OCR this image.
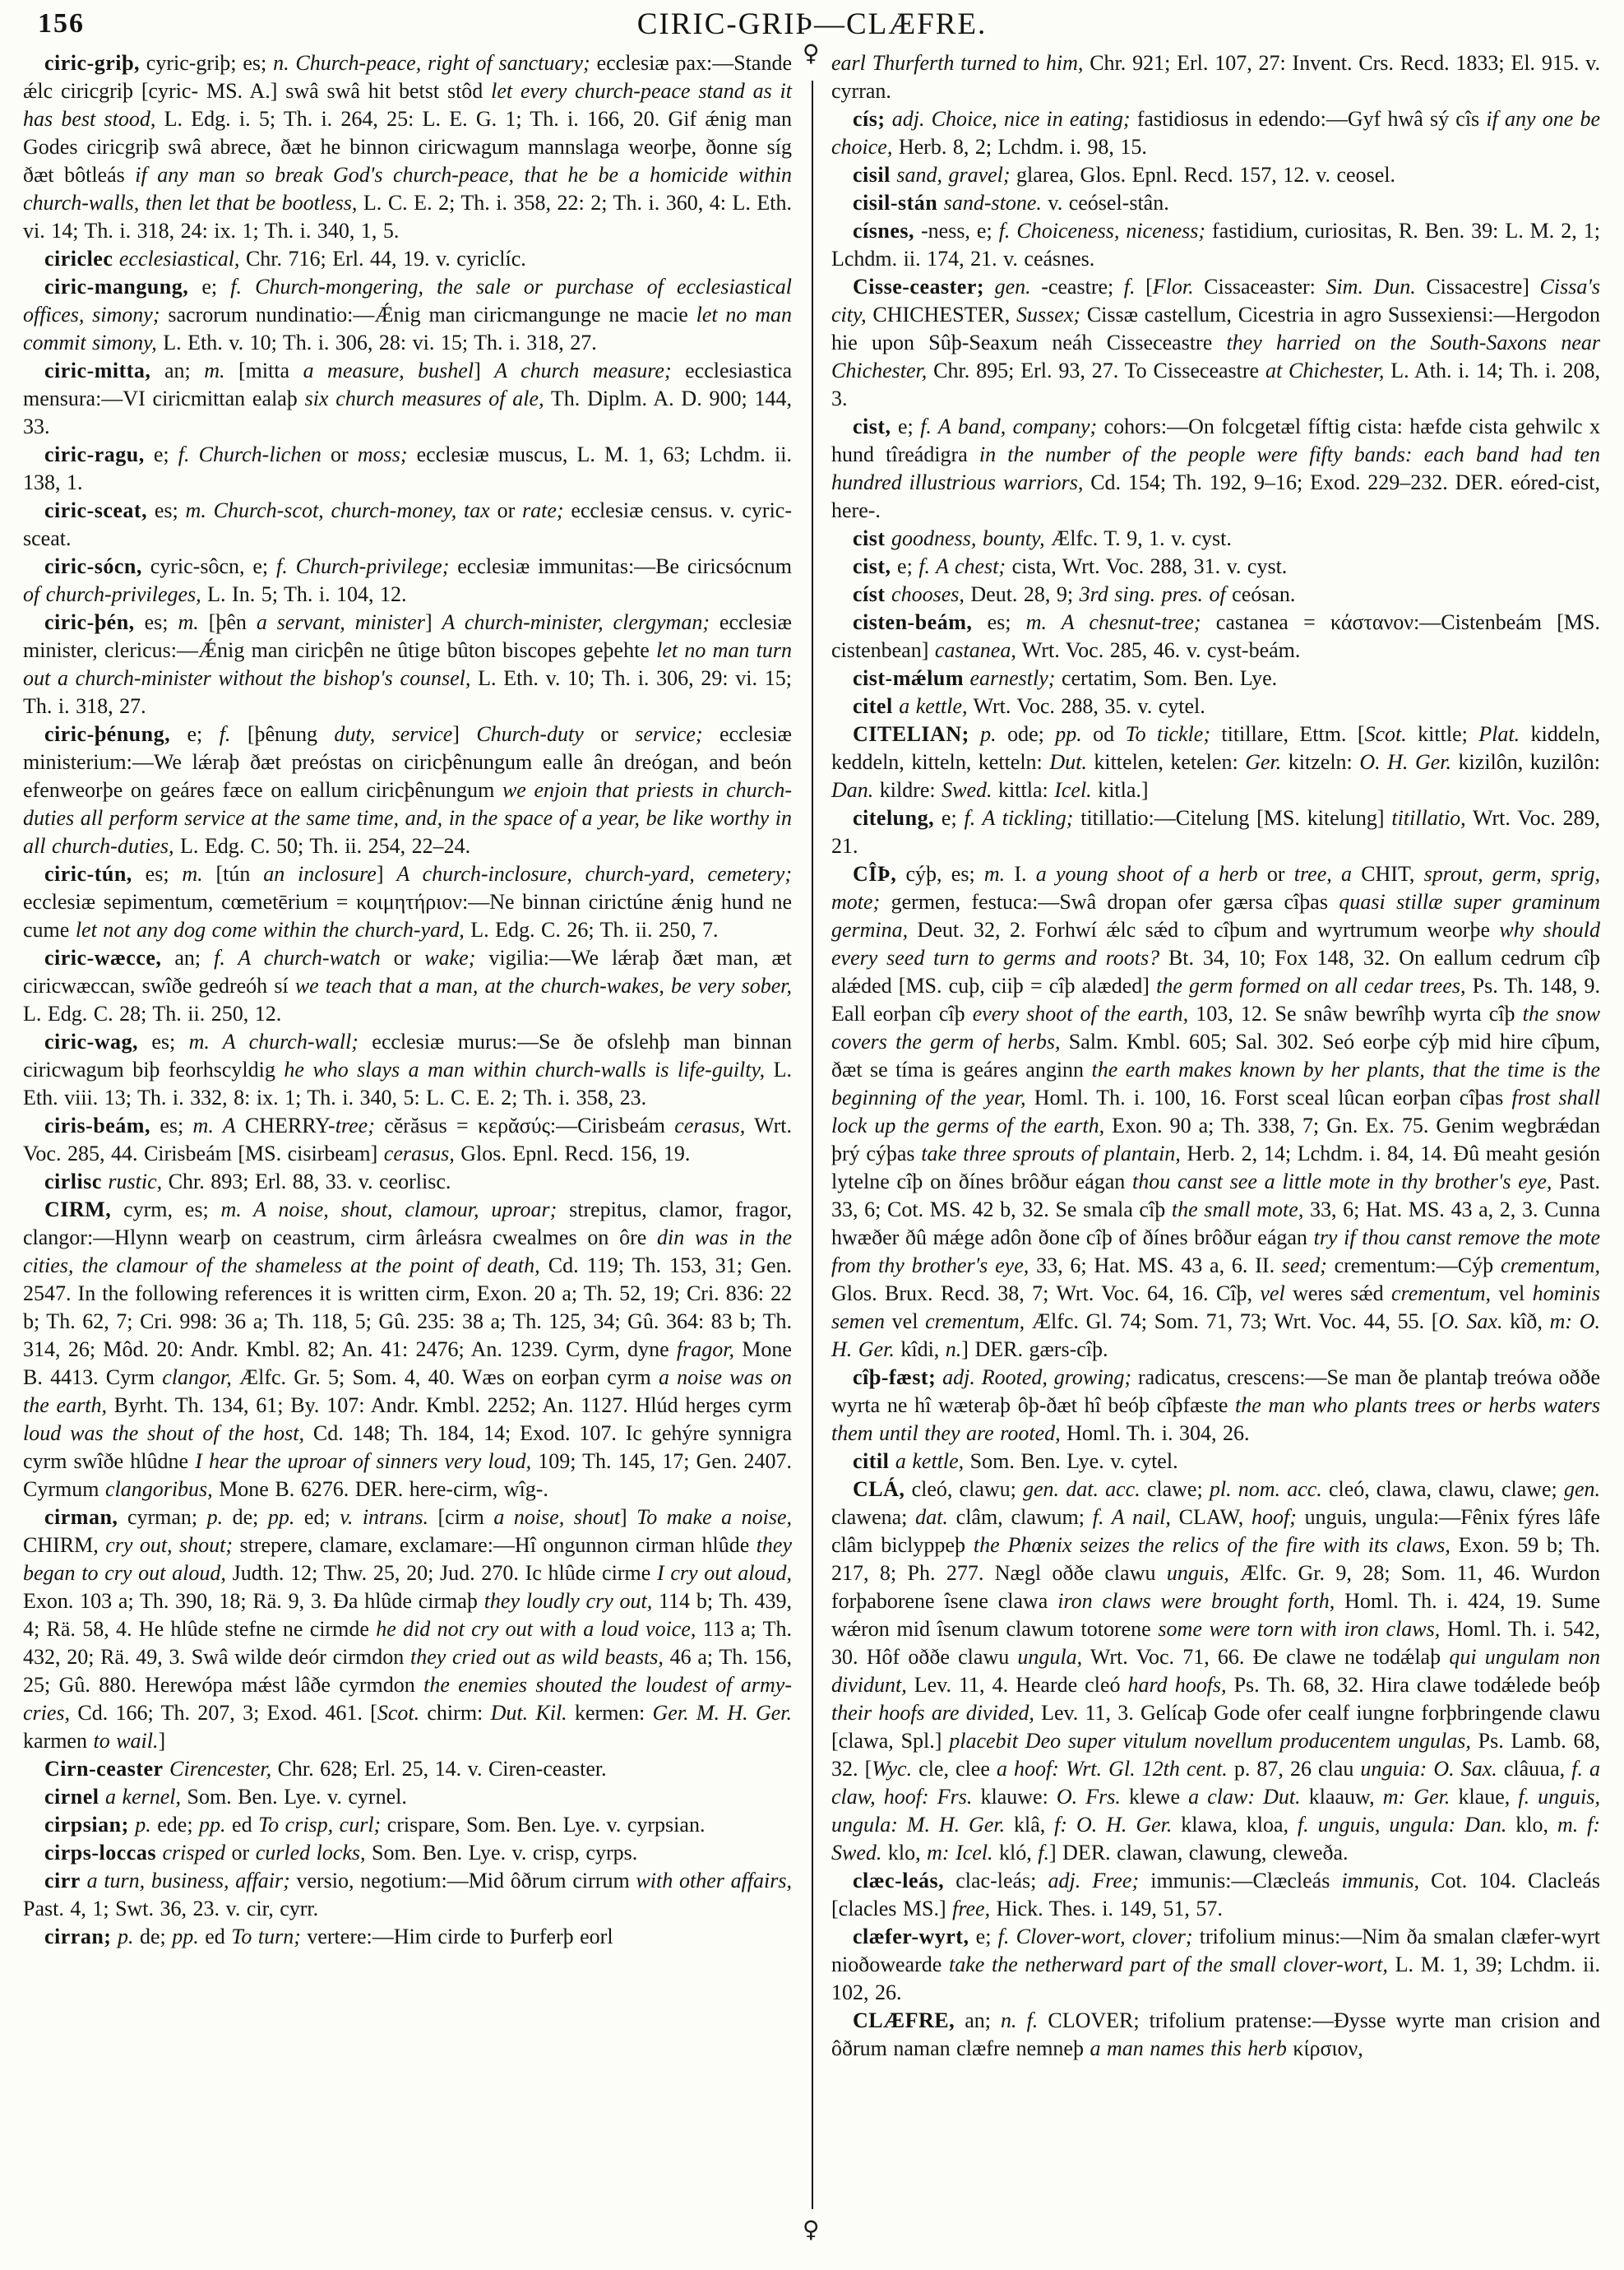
156	CIRIC-GRIÞ—CLÆFRE.
♀
♀

ciric-griþ, cyric-griþ; es; n. Church-peace, right of sanctuary; ecclesiæ pax:—Stande ǽlc ciricgriþ [cyric- MS. A.] swâ swâ hit betst stôd let every church-peace stand as it has best stood, L. Edg. i. 5; Th. i. 264, 25: L. E. G. 1; Th. i. 166, 20. Gif ǽnig man Godes ciricgriþ swâ abrece, ðæt he binnon ciricwagum mannslaga weorþe, ðonne síg ðæt bôtleás if any man so break God's church-peace, that he be a homicide within church-walls, then let that be bootless, L. C. E. 2; Th. i. 358, 22: 2; Th. i. 360, 4: L. Eth. vi. 14; Th. i. 318, 24: ix. 1; Th. i. 340, 1, 5.

ciriclec ecclesiastical, Chr. 716; Erl. 44, 19. v. cyriclíc.

ciric-mangung, e; f. Church-mongering, the sale or purchase of ecclesiastical offices, simony; sacrorum nundinatio:—Ǽnig man ciricmangunge ne macie let no man commit simony, L. Eth. v. 10; Th. i. 306, 28: vi. 15; Th. i. 318, 27.

ciric-mitta, an; m. [mitta a measure, bushel] A church measure; ecclesiastica mensura:—VI ciricmittan ealaþ six church measures of ale, Th. Diplm. A. D. 900; 144, 33.

ciric-ragu, e; f. Church-lichen or moss; ecclesiæ muscus, L. M. 1, 63; Lchdm. ii. 138, 1.

ciric-sceat, es; m. Church-scot, church-money, tax or rate; ecclesiæ census. v. cyric-sceat.

ciric-sócn, cyric-sôcn, e; f. Church-privilege; ecclesiæ immunitas:—Be ciricsócnum of church-privileges, L. In. 5; Th. i. 104, 12.

ciric-þén, es; m. [þên a servant, minister] A church-minister, clergyman; ecclesiæ minister, clericus:—Ǽnig man ciricþên ne ûtige bûton biscopes geþehte let no man turn out a church-minister without the bishop's counsel, L. Eth. v. 10; Th. i. 306, 29: vi. 15; Th. i. 318, 27.

ciric-þénung, e; f. [þênung duty, service] Church-duty or service; ecclesiæ ministerium:—We lǽraþ ðæt preóstas on ciricþênungum ealle ân dreógan, and beón efenweorþe on geáres fæce on eallum ciricþênungum we enjoin that priests in church-duties all perform service at the same time, and, in the space of a year, be like worthy in all church-duties, L. Edg. C. 50; Th. ii. 254, 22–24.

ciric-tún, es; m. [tún an inclosure] A church-inclosure, church-yard, cemetery; ecclesiæ sepimentum, cœmetērium = κοιμητήριον:—Ne binnan cirictúne ǽnig hund ne cume let not any dog come within the church-yard, L. Edg. C. 26; Th. ii. 250, 7.

ciric-wæcce, an; f. A church-watch or wake; vigilia:—We lǽraþ ðæt man, æt ciricwæccan, swîðe gedreóh sí we teach that a man, at the church-wakes, be very sober, L. Edg. C. 28; Th. ii. 250, 12.

ciric-wag, es; m. A church-wall; ecclesiæ murus:—Se ðe ofslehþ man binnan ciricwagum biþ feorhscyldig he who slays a man within church-walls is life-guilty, L. Eth. viii. 13; Th. i. 332, 8: ix. 1; Th. i. 340, 5: L. C. E. 2; Th. i. 358, 23.

ciris-beám, es; m. A CHERRY-tree; cĕrăsus = κερᾰσύς:—Cirisbeám cerasus, Wrt. Voc. 285, 44. Cirisbeám [MS. cisirbeam] cerasus, Glos. Epnl. Recd. 156, 19.

cirlisc rustic, Chr. 893; Erl. 88, 33. v. ceorlisc.

CIRM, cyrm, es; m. A noise, shout, clamour, uproar; strepitus, clamor, fragor, clangor:—Hlynn wearþ on ceastrum, cirm ârleásra cwealmes on ôre din was in the cities, the clamour of the shameless at the point of death, Cd. 119; Th. 153, 31; Gen. 2547. In the following references it is written cirm, Exon. 20 a; Th. 52, 19; Cri. 836: 22 b; Th. 62, 7; Cri. 998: 36 a; Th. 118, 5; Gû. 235: 38 a; Th. 125, 34; Gû. 364: 83 b; Th. 314, 26; Môd. 20: Andr. Kmbl. 82; An. 41: 2476; An. 1239. Cyrm, dyne fragor, Mone B. 4413. Cyrm clangor, Ælfc. Gr. 5; Som. 4, 40. Wæs on eorþan cyrm a noise was on the earth, Byrht. Th. 134, 61; By. 107: Andr. Kmbl. 2252; An. 1127. Hlúd herges cyrm loud was the shout of the host, Cd. 148; Th. 184, 14; Exod. 107. Ic gehýre synnigra cyrm swîðe hlûdne I hear the uproar of sinners very loud, 109; Th. 145, 17; Gen. 2407. Cyrmum clangoribus, Mone B. 6276. DER. here-cirm, wîg-.

cirman, cyrman; p. de; pp. ed; v. intrans. [cirm a noise, shout] To make a noise, CHIRM, cry out, shout; strepere, clamare, exclamare:—Hî ongunnon cirman hlûde they began to cry out aloud, Judth. 12; Thw. 25, 20; Jud. 270. Ic hlûde cirme I cry out aloud, Exon. 103 a; Th. 390, 18; Rä. 9, 3. Ða hlûde cirmaþ they loudly cry out, 114 b; Th. 439, 4; Rä. 58, 4. He hlûde stefne ne cirmde he did not cry out with a loud voice, 113 a; Th. 432, 20; Rä. 49, 3. Swâ wilde deór cirmdon they cried out as wild beasts, 46 a; Th. 156, 25; Gû. 880. Herewópa mǽst lâðe cyrmdon the enemies shouted the loudest of army-cries, Cd. 166; Th. 207, 3; Exod. 461. [Scot. chirm: Dut. Kil. kermen: Ger. M. H. Ger. karmen to wail.]

Cirn-ceaster Cirencester, Chr. 628; Erl. 25, 14. v. Ciren-ceaster.

cirnel a kernel, Som. Ben. Lye. v. cyrnel.

cirpsian; p. ede; pp. ed To crisp, curl; crispare, Som. Ben. Lye. v. cyrpsian.

cirps-loccas crisped or curled locks, Som. Ben. Lye. v. crisp, cyrps.

cirr a turn, business, affair; versio, negotium:—Mid ôðrum cirrum with other affairs, Past. 4, 1; Swt. 36, 23. v. cir, cyrr.

cirran; p. de; pp. ed To turn; vertere:—Him cirde to Þurferþ eorl

earl Thurferth turned to him, Chr. 921; Erl. 107, 27: Invent. Crs. Recd. 1833; El. 915. v. cyrran.

cís; adj. Choice, nice in eating; fastidiosus in edendo:—Gyf hwâ sý cîs if any one be choice, Herb. 8, 2; Lchdm. i. 98, 15.

cisil sand, gravel; glarea, Glos. Epnl. Recd. 157, 12. v. ceosel.

cisil-stán sand-stone. v. ceósel-stân.

císnes, -ness, e; f. Choiceness, niceness; fastidium, curiositas, R. Ben. 39: L. M. 2, 1; Lchdm. ii. 174, 21. v. ceásnes.

Cisse-ceaster; gen. -ceastre; f. [Flor. Cissaceaster: Sim. Dun. Cissacestre] Cissa's city, CHICHESTER, Sussex; Cissæ castellum, Cicestria in agro Sussexiensi:—Hergodon hie upon Sûþ-Seaxum neáh Cisseceastre they harried on the South-Saxons near Chichester, Chr. 895; Erl. 93, 27. To Cisseceastre at Chichester, L. Ath. i. 14; Th. i. 208, 3.

cist, e; f. A band, company; cohors:—On folcgetæl fíftig cista: hæfde cista gehwilc x hund tîreádigra in the number of the people were fifty bands: each band had ten hundred illustrious warriors, Cd. 154; Th. 192, 9–16; Exod. 229–232. DER. eóred-cist, here-.

cist goodness, bounty, Ælfc. T. 9, 1. v. cyst.

cist, e; f. A chest; cista, Wrt. Voc. 288, 31. v. cyst.

císt chooses, Deut. 28, 9; 3rd sing. pres. of ceósan.

cisten-beám, es; m. A chesnut-tree; castanea = κάστανον:—Cistenbeám [MS. cistenbean] castanea, Wrt. Voc. 285, 46. v. cyst-beám.

cist-mǽlum earnestly; certatim, Som. Ben. Lye.

citel a kettle, Wrt. Voc. 288, 35. v. cytel.

CITELIAN; p. ode; pp. od To tickle; titillare, Ettm. [Scot. kittle; Plat. kiddeln, keddeln, kitteln, ketteln: Dut. kittelen, ketelen: Ger. kitzeln: O. H. Ger. kizilôn, kuzilôn: Dan. kildre: Swed. kittla: Icel. kitla.]

citelung, e; f. A tickling; titillatio:—Citelung [MS. kitelung] titillatio, Wrt. Voc. 289, 21.

CÎÞ, cýþ, es; m. I. a young shoot of a herb or tree, a CHIT, sprout, germ, sprig, mote; germen, festuca:—Swâ dropan ofer gærsa cîþas quasi stillæ super graminum germina, Deut. 32, 2. Forhwí ǽlc sǽd to cîþum and wyrtrumum weorþe why should every seed turn to germs and roots? Bt. 34, 10; Fox 148, 32. On eallum cedrum cîþ alǽded [MS. cuþ, ciiþ = cîþ alæded] the germ formed on all cedar trees, Ps. Th. 148, 9. Eall eorþan cîþ every shoot of the earth, 103, 12. Se snâw bewrîhþ wyrta cîþ the snow covers the germ of herbs, Salm. Kmbl. 605; Sal. 302. Seó eorþe cýþ mid hire cîþum, ðæt se tíma is geáres anginn the earth makes known by her plants, that the time is the beginning of the year, Homl. Th. i. 100, 16. Forst sceal lûcan eorþan cîþas frost shall lock up the germs of the earth, Exon. 90 a; Th. 338, 7; Gn. Ex. 75. Genim wegbrǽdan þrý cýþas take three sprouts of plantain, Herb. 2, 14; Lchdm. i. 84, 14. Ðû meaht gesión lytelne cîþ on ðínes brôður eágan thou canst see a little mote in thy brother's eye, Past. 33, 6; Cot. MS. 42 b, 32. Se smala cîþ the small mote, 33, 6; Hat. MS. 43 a, 2, 3. Cunna hwæðer ðû mǽge adôn ðone cîþ of ðínes brôður eágan try if thou canst remove the mote from thy brother's eye, 33, 6; Hat. MS. 43 a, 6. II. seed; crementum:—Cýþ crementum, Glos. Brux. Recd. 38, 7; Wrt. Voc. 64, 16. Cîþ, vel weres sǽd crementum, vel hominis semen vel crementum, Ælfc. Gl. 74; Som. 71, 73; Wrt. Voc. 44, 55. [O. Sax. kîð, m: O. H. Ger. kîdi, n.] DER. gærs-cîþ.

cîþ-fæst; adj. Rooted, growing; radicatus, crescens:—Se man ðe plantaþ treówa oððe wyrta ne hî wæteraþ ôþ-ðæt hî beóþ cîþfæste the man who plants trees or herbs waters them until they are rooted, Homl. Th. i. 304, 26.

citil a kettle, Som. Ben. Lye. v. cytel.

CLÁ, cleó, clawu; gen. dat. acc. clawe; pl. nom. acc. cleó, clawa, clawu, clawe; gen. clawena; dat. clâm, clawum; f. A nail, CLAW, hoof; unguis, ungula:—Fênix fýres lâfe clâm biclyppeþ the Phœnix seizes the relics of the fire with its claws, Exon. 59 b; Th. 217, 8; Ph. 277. Nægl oððe clawu unguis, Ælfc. Gr. 9, 28; Som. 11, 46. Wurdon forþaborene îsene clawa iron claws were brought forth, Homl. Th. i. 424, 19. Sume wǽron mid îsenum clawum totorene some were torn with iron claws, Homl. Th. i. 542, 30. Hôf oððe clawu ungula, Wrt. Voc. 71, 66. Ðe clawe ne todǽlaþ qui ungulam non dividunt, Lev. 11, 4. Hearde cleó hard hoofs, Ps. Th. 68, 32. Hira clawe todǽlede beóþ their hoofs are divided, Lev. 11, 3. Gelícaþ Gode ofer cealf iungne forþbringende clawu [clawa, Spl.] placebit Deo super vitulum novellum producentem ungulas, Ps. Lamb. 68, 32. [Wyc. cle, clee a hoof: Wrt. Gl. 12th cent. p. 87, 26 clau unguia: O. Sax. clâuua, f. a claw, hoof: Frs. klauwe: O. Frs. klewe a claw: Dut. klaauw, m: Ger. klaue, f. unguis, ungula: M. H. Ger. klâ, f: O. H. Ger. klawa, kloa, f. unguis, ungula: Dan. klo, m. f: Swed. klo, m: Icel. kló, f.] DER. clawan, clawung, cleweða.

clæc-leás, clac-leás; adj. Free; immunis:—Clæcleás immunis, Cot. 104. Clacleás [clacles MS.] free, Hick. Thes. i. 149, 51, 57.

clæfer-wyrt, e; f. Clover-wort, clover; trifolium minus:—Nim ða smalan clæfer-wyrt nioðowearde take the netherward part of the small clover-wort, L. M. 1, 39; Lchdm. ii. 102, 26.

CLÆFRE, an; n. f. CLOVER; trifolium pratense:—Ðysse wyrte man crision and ôðrum naman clæfre nemneþ a man names this herb κίρσιον,
